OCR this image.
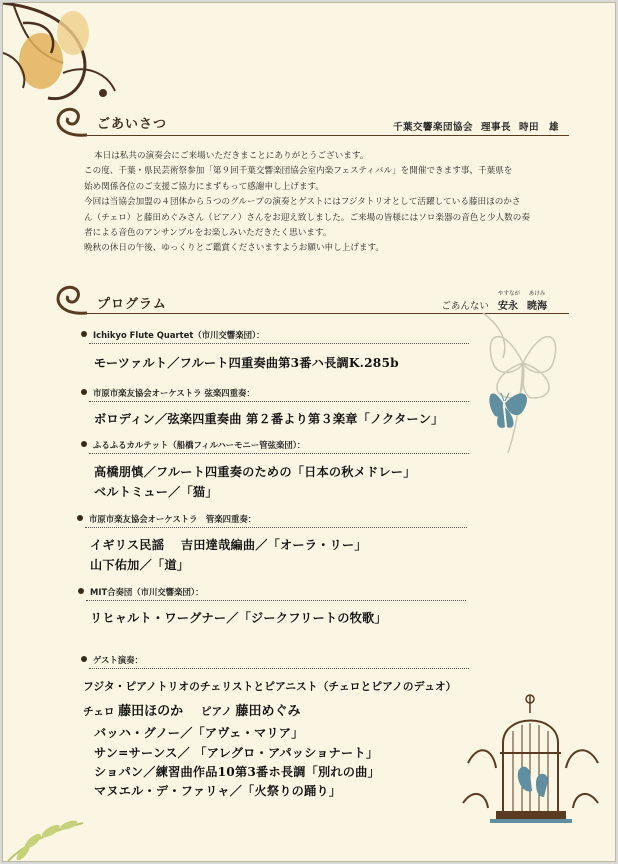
ごあいさつ	千葉交響楽団協会 理事長 時田　雄

本日は私共の演奏会にご来場いただきまことにありがとうございます。

この度、千葉・県民芸術祭参加「第９回千葉交響楽団協会室内楽フェスティバル」を開催できます事、千葉県を

始め関係各位のご支援ご協力にまずもって感謝申し上げます。

今回は当協会加盟の４団体から５つのグループの演奏とゲストにはフジタトリオとして活躍している藤田ほのかさ

ん（チェロ）と藤田めぐみさん（ピアノ）さんをお迎え致しました。ご来場の皆様にはソロ楽器の音色と少人数の奏

者による音色のアンサンブルをお楽しみいただきたく思います。

晩秋の休日の午後、ゆっくりとご鑑賞くださいますようお願い申し上げます。

プログラム	ごあんない
やすなが
安永
あけみ
暁海
Ichikyo Flute Quartet（市川交響楽団）：
モーツァルト／フルート四重奏曲第3番ハ長調K.285b
市原市楽友協会オーケストラ 弦楽四重奏：
ボロディン／弦楽四重奏曲 第２番より第３楽章「ノクターン」
ふるふるカルテット（船橋フィルハーモニー管弦楽団）：
高橋朋慎／フルート四重奏のための「日本の秋メドレー」
ベルトミュー／「猫」
市原市楽友協会オーケストラ　管楽四重奏：
イギリス民謡　 吉田達哉編曲／「オーラ・リー」
山下佑加／「道」
MIT合奏団（市川交響楽団）：
リヒャルト・ワーグナー／「ジークフリートの牧歌」
ゲスト演奏：
フジタ・ピアノトリオのチェリストとピアニスト（チェロとピアノのデュオ）
チェロ 藤田ほのか ピアノ 藤田めぐみ
バッハ・グノー／「アヴェ・マリア」
サン=サーンス／ 「アレグロ・アパッショナート」
ショパン／練習曲作品10第3番ホ長調「別れの曲」
マヌエル・デ・ファリャ／「火祭りの踊り」
